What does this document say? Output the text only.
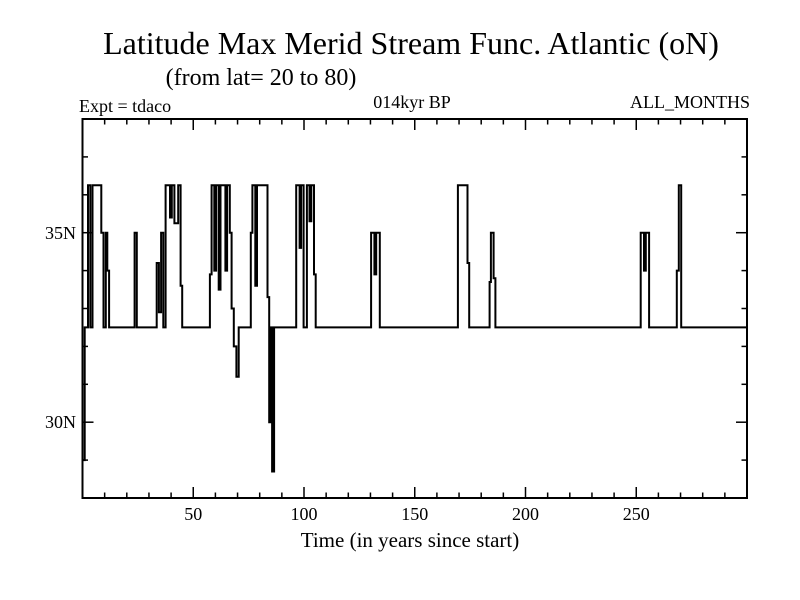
Latitude Max Merid Stream Func. Atlantic (oN)
(from lat= 20 to 80)
Expt = tdaco	014kyr BP	ALL_MONTHS
50	100	150	200	250
30N
35N
Time (in years since start)
